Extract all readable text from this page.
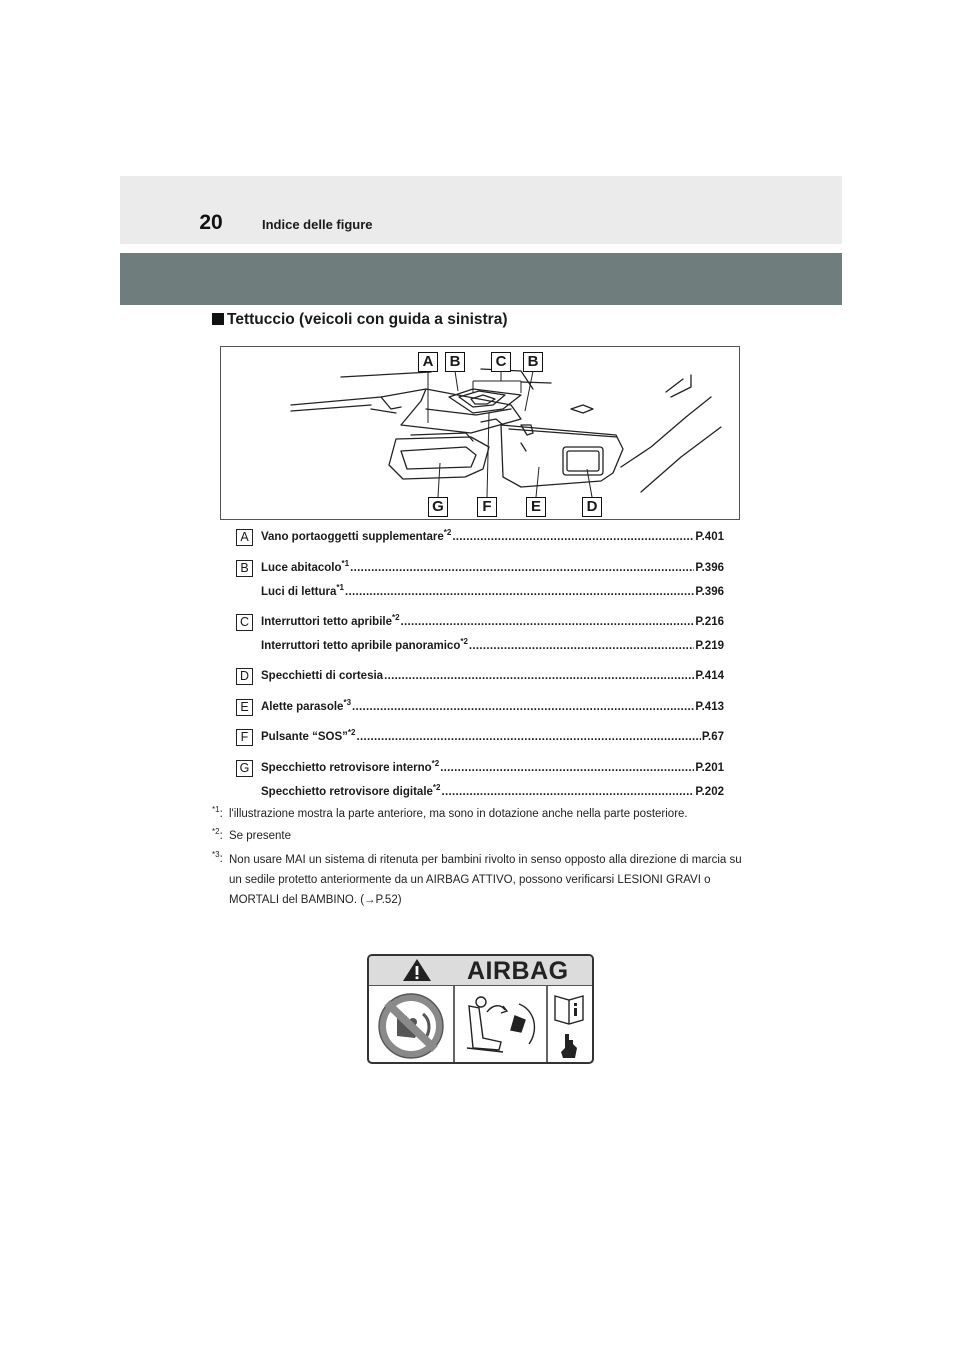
20	Indice delle figure
Tettuccio (veicoli con guida a sinistra)
A	B	C	B
G	F	E	D
A	Vano portaoggetti supplementare$^{*2}$ .....	P.401
B	Luce abitacolo$^{*1}$ .....	P.396
Luci di lettura$^{*1}$ .....	P.396
C	Interruttori tetto apribile$^{*2}$ .....	P.216
Interruttori tetto apribile panoramico$^{*2}$ .....	P.219
D	Specchietti di cortesia .....	P.414
E	Alette parasole$^{*3}$ .....	P.413
F	Pulsante “SOS”$^{*2}$ .....	P.67
G	Specchietto retrovisore interno$^{*2}$ .....	P.201
Specchietto retrovisore digitale$^{*2}$ .....	P.202
$^{*1}$: l'illustrazione mostra la parte anteriore, ma sono in dotazione anche nella parte posteriore.
$^{*2}$: Se presente
$^{*3}$: Non usare MAI un sistema di ritenuta per bambini rivolto in senso opposto alla direzione di marcia su un sedile protetto anteriormente da un AIRBAG ATTIVO, possono verificarsi LESIONI GRAVI o MORTALI del BAMBINO. (→P.52)
AIRBAG
